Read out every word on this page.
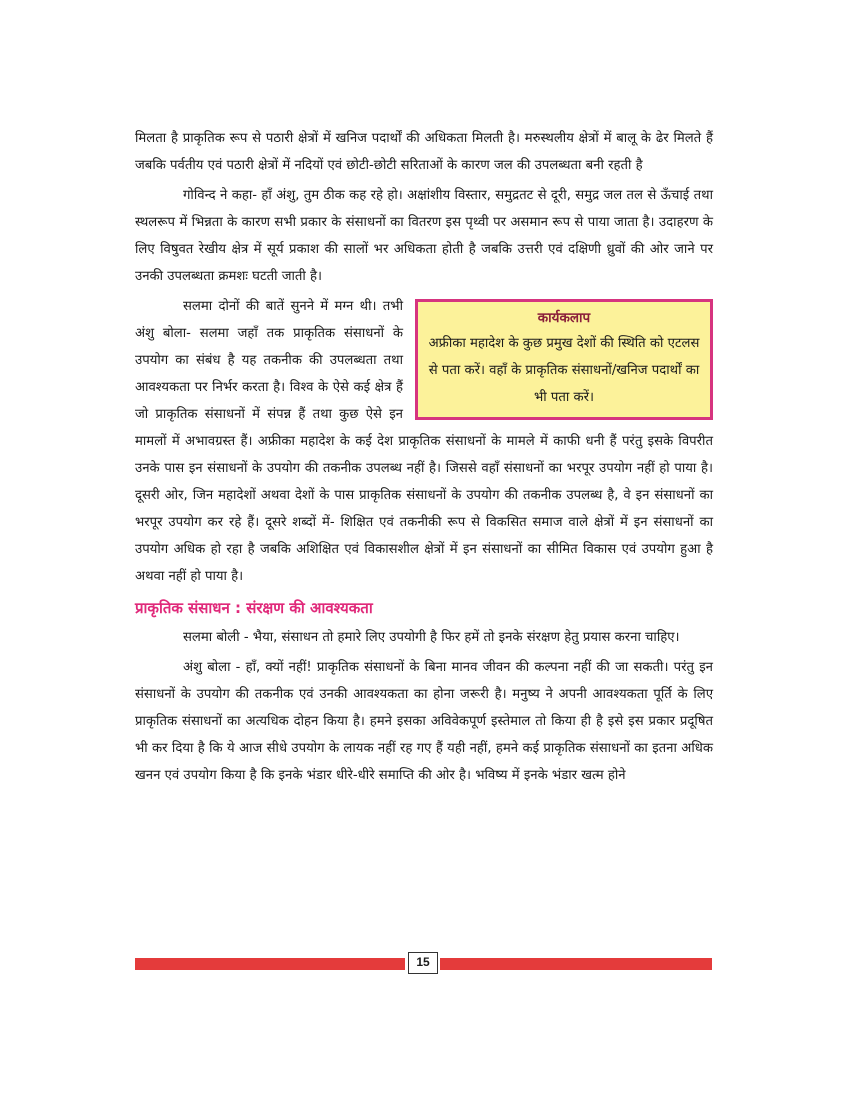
मिलता है प्राकृतिक रूप से पठारी क्षेत्रों में खनिज पदार्थों की अधिकता मिलती है। मरुस्थलीय क्षेत्रों में बालू के ढेर मिलते हैं जबकि पर्वतीय एवं पठारी क्षेत्रों में नदियों एवं छोटी-छोटी सरिताओं के कारण जल की उपलब्धता बनी रहती है

गोविन्द ने कहा- हाँ अंशु, तुम ठीक कह रहे हो। अक्षांशीय विस्तार, समुद्रतट से दूरी, समुद्र जल तल से ऊँचाई तथा स्थलरूप में भिन्नता के कारण सभी प्रकार के संसाधनों का वितरण इस पृथ्वी पर असमान रूप से पाया जाता है। उदाहरण के लिए विषुवत रेखीय क्षेत्र में सूर्य प्रकाश की सालों भर अधिकता होती है जबकि उत्तरी एवं दक्षिणी ध्रुवों की ओर जाने पर उनकी उपलब्धता क्रमशः घटती जाती है।

कार्यकलाप
अफ्रीका महादेश के कुछ प्रमुख देशों की स्थिति को एटलस से पता करें। वहाँ के प्राकृतिक संसाधनों/खनिज पदार्थों का भी पता करें।

सलमा दोनों की बातें सुनने में मग्न थी। तभी अंशु बोला- सलमा जहाँ तक प्राकृतिक संसाधनों के उपयोग का संबंध है यह तकनीक की उपलब्धता तथा आवश्यकता पर निर्भर करता है। विश्व के ऐसे कई क्षेत्र हैं जो प्राकृतिक संसाधनों में संपन्न हैं तथा कुछ ऐसे इन मामलों में अभावग्रस्त हैं। अफ्रीका महादेश के कई देश प्राकृतिक संसाधनों के मामले में काफी धनी हैं परंतु इसके विपरीत उनके पास इन संसाधनों के उपयोग की तकनीक उपलब्ध नहीं है। जिससे वहाँ संसाधनों का भरपूर उपयोग नहीं हो पाया है। दूसरी ओर, जिन महादेशों अथवा देशों के पास प्राकृतिक संसाधनों के उपयोग की तकनीक उपलब्ध है, वे इन संसाधनों का भरपूर उपयोग कर रहे हैं। दूसरे शब्दों में- शिक्षित एवं तकनीकी रूप से विकसित समाज वाले क्षेत्रों में इन संसाधनों का उपयोग अधिक हो रहा है जबकि अशिक्षित एवं विकासशील क्षेत्रों में इन संसाधनों का सीमित विकास एवं उपयोग हुआ है अथवा नहीं हो पाया है।

प्राकृतिक संसाधन : संरक्षण की आवश्यकता

सलमा बोली - भैया, संसाधन तो हमारे लिए उपयोगी है फिर हमें तो इनके संरक्षण हेतु प्रयास करना चाहिए।

अंशु बोला - हाँ, क्यों नहीं! प्राकृतिक संसाधनों के बिना मानव जीवन की कल्पना नहीं की जा सकती। परंतु इन संसाधनों के उपयोग की तकनीक एवं उनकी आवश्यकता का होना जरूरी है। मनुष्य ने अपनी आवश्यकता पूर्ति के लिए प्राकृतिक संसाधनों का अत्यधिक दोहन किया है। हमने इसका अविवेकपूर्ण इस्तेमाल तो किया ही है इसे इस प्रकार प्रदूषित भी कर दिया है कि ये आज सीधे उपयोग के लायक नहीं रह गए हैं यही नहीं, हमने कई प्राकृतिक संसाधनों का इतना अधिक खनन एवं उपयोग किया है कि इनके भंडार धीरे-धीरे समाप्ति की ओर है। भविष्य में इनके भंडार खत्म होने

15
